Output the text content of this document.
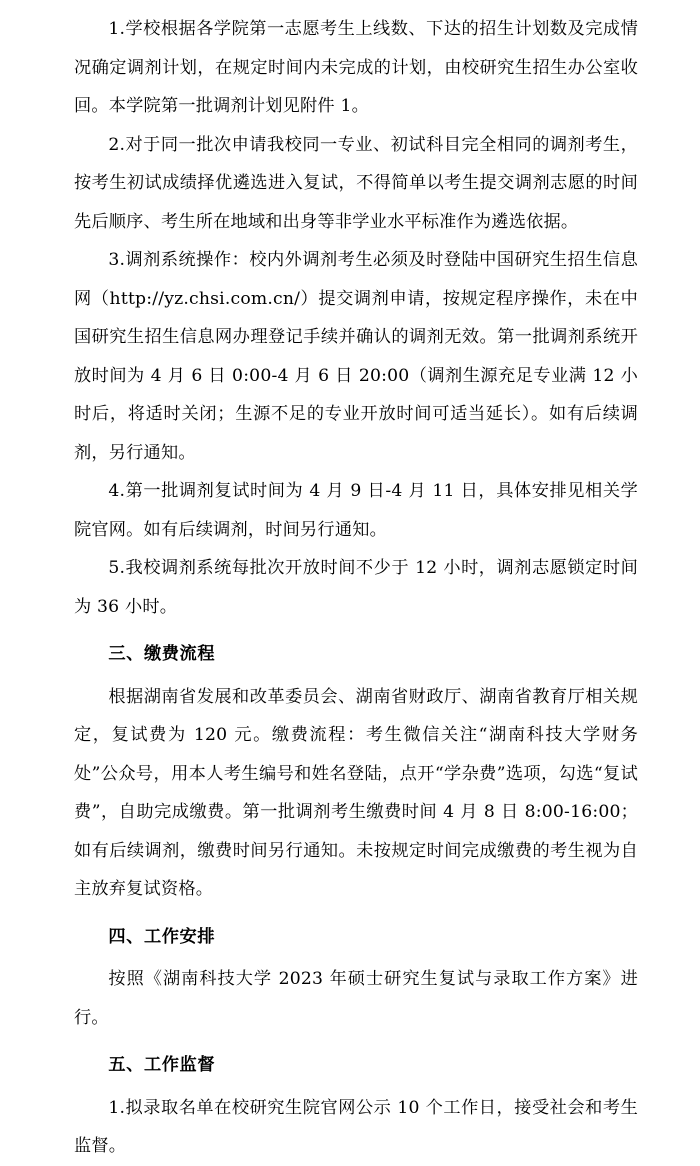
1.学校根据各学院第一志愿考生上线数、下达的招生计划数及完成情况确定调剂计划，在规定时间内未完成的计划，由校研究生招生办公室收回。本学院第一批调剂计划见附件 1。

2.对于同一批次申请我校同一专业、初试科目完全相同的调剂考生，按考生初试成绩择优遴选进入复试，不得简单以考生提交调剂志愿的时间先后顺序、考生所在地域和出身等非学业水平标准作为遴选依据。

3.调剂系统操作：校内外调剂考生必须及时登陆中国研究生招生信息网（http://yz.chsi.com.cn/）提交调剂申请，按规定程序操作，未在中国研究生招生信息网办理登记手续并确认的调剂无效。第一批调剂系统开放时间为 4 月 6 日 0:00-4 月 6 日 20:00（调剂生源充足专业满 12 小时后，将适时关闭；生源不足的专业开放时间可适当延长）。如有后续调剂，另行通知。

4.第一批调剂复试时间为 4 月 9 日-4 月 11 日，具体安排见相关学院官网。如有后续调剂，时间另行通知。

5.我校调剂系统每批次开放时间不少于 12 小时，调剂志愿锁定时间为 36 小时。

三、缴费流程

根据湖南省发展和改革委员会、湖南省财政厅、湖南省教育厅相关规定，复试费为 120 元。缴费流程：考生微信关注“湖南科技大学财务处”公众号，用本人考生编号和姓名登陆，点开“学杂费”选项，勾选“复试费”，自助完成缴费。第一批调剂考生缴费时间 4 月 8 日 8:00-16:00；如有后续调剂，缴费时间另行通知。未按规定时间完成缴费的考生视为自主放弃复试资格。

四、工作安排

按照《湖南科技大学 2023 年硕士研究生复试与录取工作方案》进行。

五、工作监督

1.拟录取名单在校研究生院官网公示 10 个工作日，接受社会和考生监督。
